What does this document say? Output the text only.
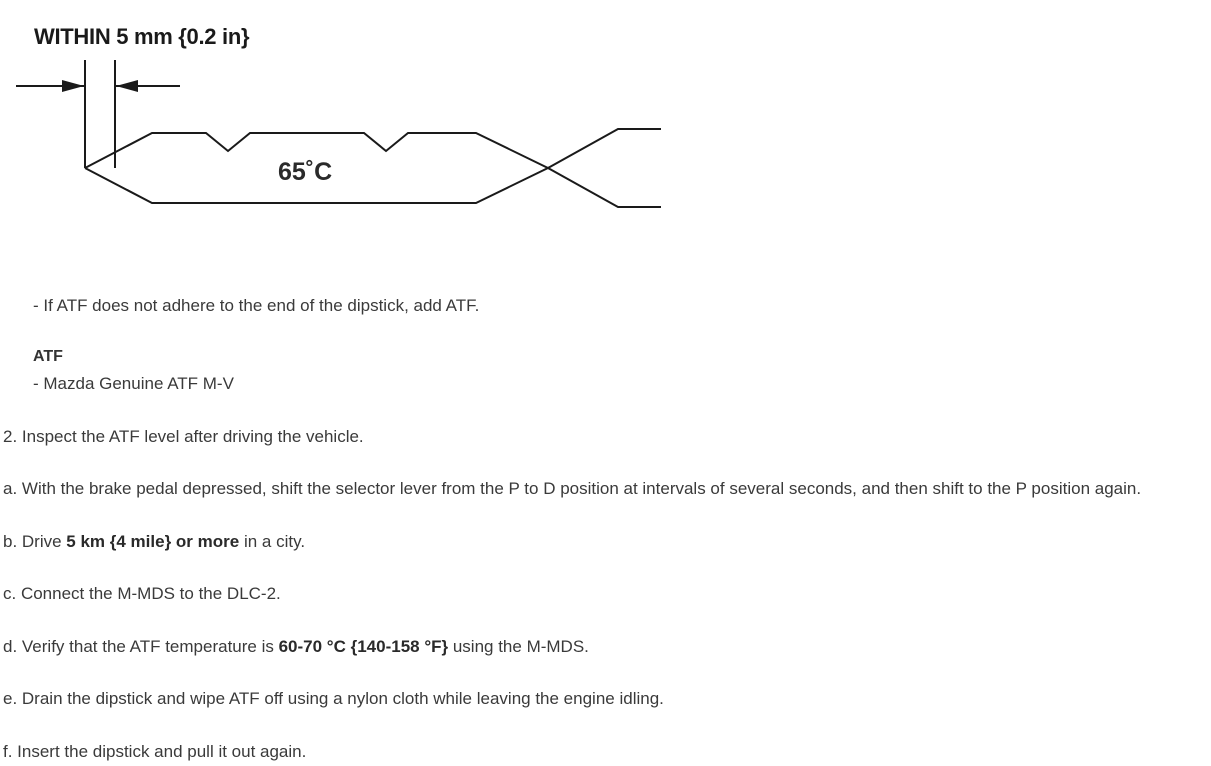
WITHIN 5 mm {0.2 in}
65˚C
- If ATF does not adhere to the end of the dipstick, add ATF.
ATF
- Mazda Genuine ATF M-V
2. Inspect the ATF level after driving the vehicle.
a. With the brake pedal depressed, shift the selector lever from the P to D position at intervals of several seconds, and then shift to the P position again.
b. Drive 5 km {4 mile} or more in a city.
c. Connect the M-MDS to the DLC-2.
d. Verify that the ATF temperature is 60-70 °C {140-158 °F} using the M-MDS.
e. Drain the dipstick and wipe ATF off using a nylon cloth while leaving the engine idling.
f. Insert the dipstick and pull it out again.
